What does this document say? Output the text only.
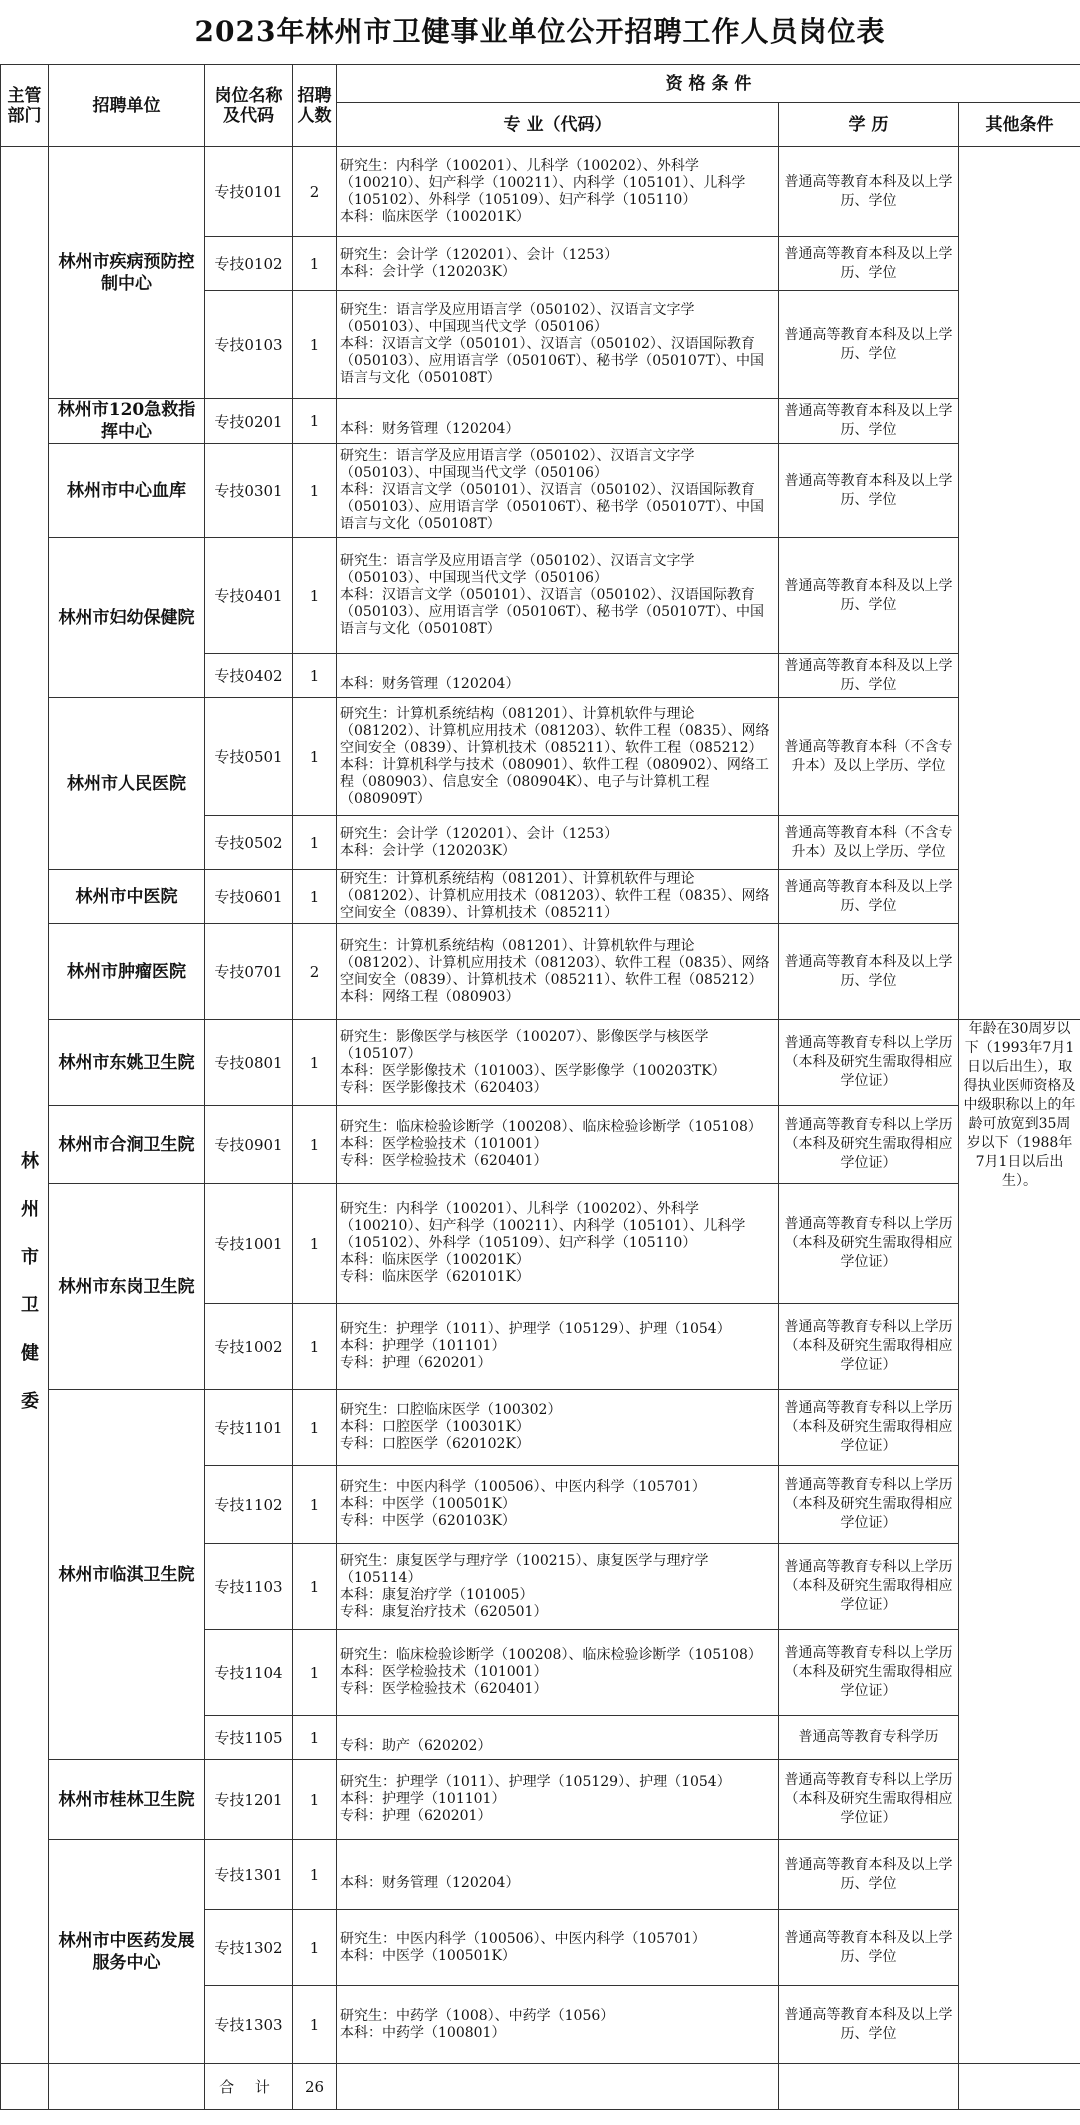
2023年林州市卫健事业单位公开招聘工作人员岗位表
主管部门	招聘单位	岗位名称及代码	招聘人数	资 格 条 件		
				专 业（代码）	学 历	其他条件

林州市卫健委	林州市疾病预防控制中心	专技0101	2	研究生：内科学（100201）、儿科学（100202）、外科学（100210）、妇产科学（100211）、内科学（105101）、儿科学（105102）、外科学（105109）、妇产科学（105110）
本科：临床医学（100201K）	普通高等教育本科及以上学历、学位	
		专技0102	1	研究生：会计学（120201）、会计（1253）
本科：会计学（120203K）	普通高等教育本科及以上学历、学位	
		专技0103	1	研究生：语言学及应用语言学（050102）、汉语言文字学（050103）、中国现当代文学（050106）
本科：汉语言文学（050101）、汉语言（050102）、汉语国际教育（050103）、应用语言学（050106T）、秘书学（050107T）、中国语言与文化（050108T）	普通高等教育本科及以上学历、学位	
	林州市120急救指挥中心	专技0201	1	
本科：财务管理（120204）	普通高等教育本科及以上学历、学位	
	林州市中心血库	专技0301	1	研究生：语言学及应用语言学（050102）、汉语言文字学（050103）、中国现当代文学（050106）
本科：汉语言文学（050101）、汉语言（050102）、汉语国际教育（050103）、应用语言学（050106T）、秘书学（050107T）、中国语言与文化（050108T）	普通高等教育本科及以上学历、学位	
	林州市妇幼保健院	专技0401	1	研究生：语言学及应用语言学（050102）、汉语言文字学（050103）、中国现当代文学（050106）
本科：汉语言文学（050101）、汉语言（050102）、汉语国际教育（050103）、应用语言学（050106T）、秘书学（050107T）、中国语言与文化（050108T）	普通高等教育本科及以上学历、学位	
		专技0402	1	
本科：财务管理（120204）	普通高等教育本科及以上学历、学位	
	林州市人民医院	专技0501	1	研究生：计算机系统结构（081201）、计算机软件与理论（081202）、计算机应用技术（081203）、软件工程（0835）、网络空间安全（0839）、计算机技术（085211）、软件工程（085212）
本科：计算机科学与技术（080901）、软件工程（080902）、网络工程（080903）、信息安全（080904K）、电子与计算机工程（080909T）	普通高等教育本科（不含专升本）及以上学历、学位	
		专技0502	1	研究生：会计学（120201）、会计（1253）
本科：会计学（120203K）	普通高等教育本科（不含专升本）及以上学历、学位	
	林州市中医院	专技0601	1	研究生：计算机系统结构（081201）、计算机软件与理论（081202）、计算机应用技术（081203）、软件工程（0835）、网络空间安全（0839）、计算机技术（085211）	普通高等教育本科及以上学历、学位	
	林州市肿瘤医院	专技0701	2	研究生：计算机系统结构（081201）、计算机软件与理论（081202）、计算机应用技术（081203）、软件工程（0835）、网络空间安全（0839）、计算机技术（085211）、软件工程（085212）
本科：网络工程（080903）	普通高等教育本科及以上学历、学位	
	林州市东姚卫生院	专技0801	1	研究生：影像医学与核医学（100207）、影像医学与核医学（105107）
本科：医学影像技术（101003）、医学影像学（100203TK）
专科：医学影像技术（620403）	普通高等教育专科以上学历（本科及研究生需取得相应学位证）	年龄在30周岁以下（1993年7月1日以后出生），取得执业医师资格及中级职称以上的年龄可放宽到35周岁以下（1988年7月1日以后出生）。

	林州市合涧卫生院	专技0901	1	研究生：临床检验诊断学（100208）、临床检验诊断学（105108）
本科：医学检验技术（101001）
专科：医学检验技术（620401）	普通高等教育专科以上学历（本科及研究生需取得相应学位证）	
	林州市东岗卫生院	专技1001	1	研究生：内科学（100201）、儿科学（100202）、外科学（100210）、妇产科学（100211）、内科学（105101）、儿科学（105102）、外科学（105109）、妇产科学（105110）
本科：临床医学（100201K）
专科：临床医学（620101K）	普通高等教育专科以上学历（本科及研究生需取得相应学位证）	
		专技1002	1	研究生：护理学（1011）、护理学（105129）、护理（1054）
本科：护理学（101101）
专科：护理（620201）	普通高等教育专科以上学历（本科及研究生需取得相应学位证）	
	林州市临淇卫生院	专技1101	1	研究生：口腔临床医学（100302）
本科：口腔医学（100301K）
专科：口腔医学（620102K）	普通高等教育专科以上学历（本科及研究生需取得相应学位证）	
		专技1102	1	研究生：中医内科学（100506）、中医内科学（105701）
本科：中医学（100501K）
专科：中医学（620103K）	普通高等教育专科以上学历（本科及研究生需取得相应学位证）	
		专技1103	1	研究生：康复医学与理疗学（100215）、康复医学与理疗学（105114）
本科：康复治疗学（101005）
专科：康复治疗技术（620501）	普通高等教育专科以上学历（本科及研究生需取得相应学位证）	
		专技1104	1	研究生：临床检验诊断学（100208）、临床检验诊断学（105108）
本科：医学检验技术（101001）
专科：医学检验技术（620401）	普通高等教育专科以上学历（本科及研究生需取得相应学位证）	
		专技1105	1	
专科：助产（620202）	普通高等教育专科学历	
	林州市桂林卫生院	专技1201	1	研究生：护理学（1011）、护理学（105129）、护理（1054）
本科：护理学（101101）
专科：护理（620201）	普通高等教育专科以上学历（本科及研究生需取得相应学位证）	
	林州市中医药发展服务中心	专技1301	1	
本科：财务管理（120204）	普通高等教育本科及以上学历、学位	
		专技1302	1	研究生：中医内科学（100506）、中医内科学（105701）
本科：中医学（100501K）	普通高等教育本科及以上学历、学位	
		专技1303	1	研究生：中药学（1008）、中药学（1056）
本科：中药学（100801）	普通高等教育本科及以上学历、学位	
		合 计	26			
